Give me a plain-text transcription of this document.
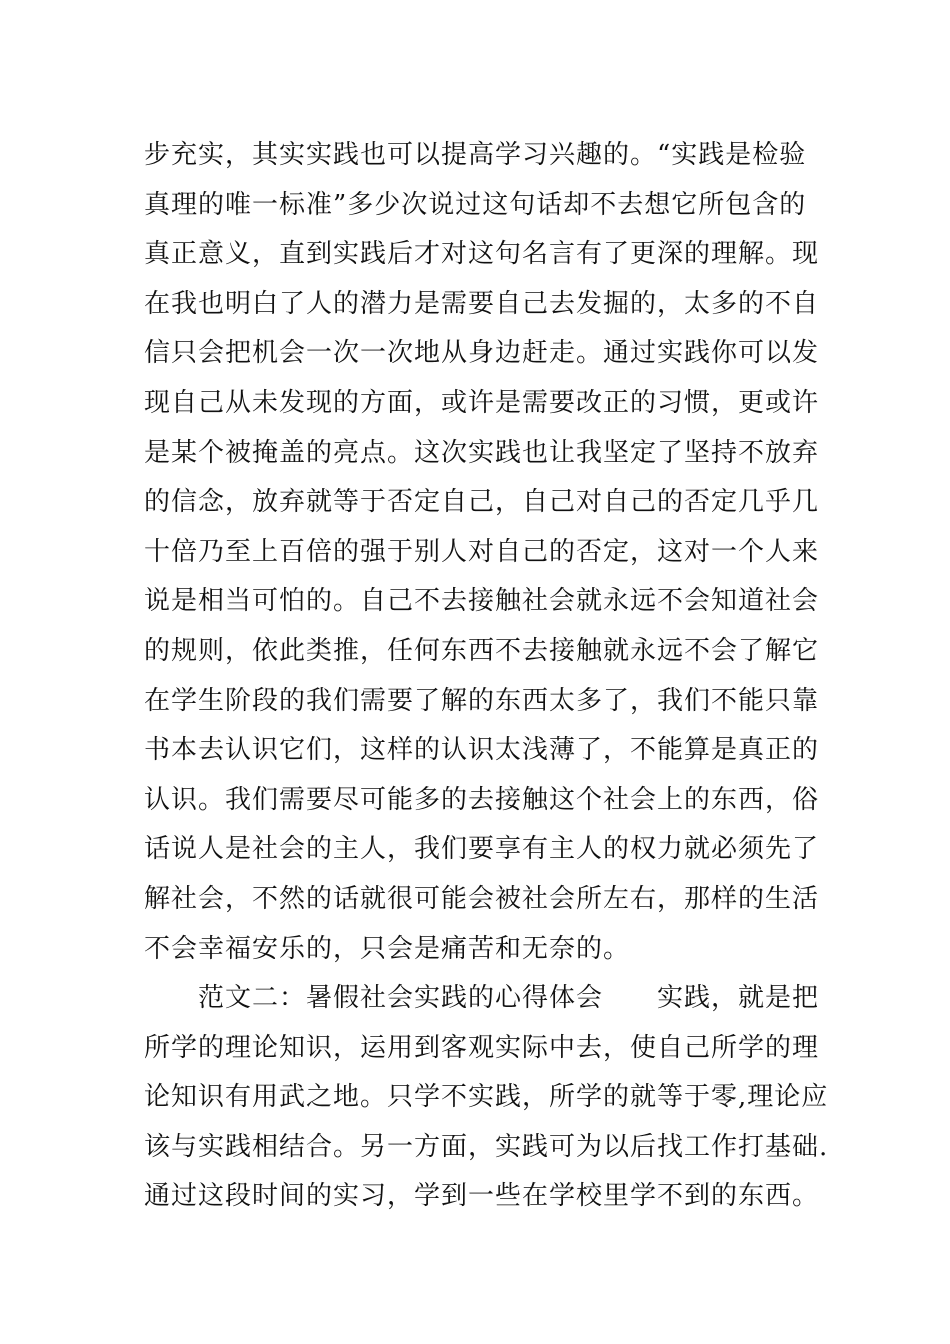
步充实，其实实践也可以提高学习兴趣的。“实践是检验
真理的唯一标准”多少次说过这句话却不去想它所包含的
真正意义，直到实践后才对这句名言有了更深的理解。现
在我也明白了人的潜力是需要自己去发掘的，太多的不自
信只会把机会一次一次地从身边赶走。通过实践你可以发
现自己从未发现的方面，或许是需要改正的习惯，更或许
是某个被掩盖的亮点。这次实践也让我坚定了坚持不放弃
的信念，放弃就等于否定自己，自己对自己的否定几乎几
十倍乃至上百倍的强于别人对自己的否定，这对一个人来
说是相当可怕的。自己不去接触社会就永远不会知道社会
的规则，依此类推，任何东西不去接触就永远不会了解它
在学生阶段的我们需要了解的东西太多了，我们不能只靠
书本去认识它们，这样的认识太浅薄了，不能算是真正的
认识。我们需要尽可能多的去接触这个社会上的东西，俗
话说人是社会的主人，我们要享有主人的权力就必须先了
解社会，不然的话就很可能会被社会所左右，那样的生活
不会幸福安乐的，只会是痛苦和无奈的。
范文二：暑假社会实践的心得体会　　实践，就是把
所学的理论知识，运用到客观实际中去，使自己所学的理
论知识有用武之地。只学不实践，所学的就等于零,理论应
该与实践相结合。另一方面，实践可为以后找工作打基础.
通过这段时间的实习，学到一些在学校里学不到的东西。
